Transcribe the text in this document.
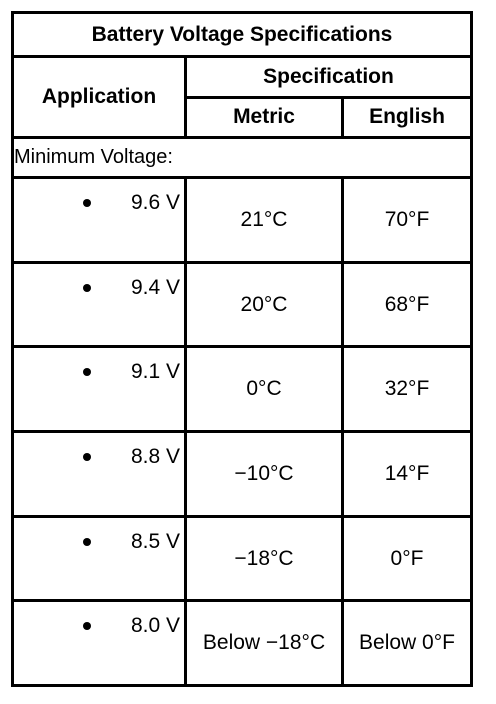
Battery Voltage Specifications		
Application	Specification	
	Metric	English
Minimum Voltage:		

9.6 V	21°C	70°F

9.4 V	20°C	68°F

9.1 V	0°C	32°F

8.8 V	−10°C	14°F

8.5 V	−18°C	0°F

8.0 V	Below −18°C	Below 0°F
